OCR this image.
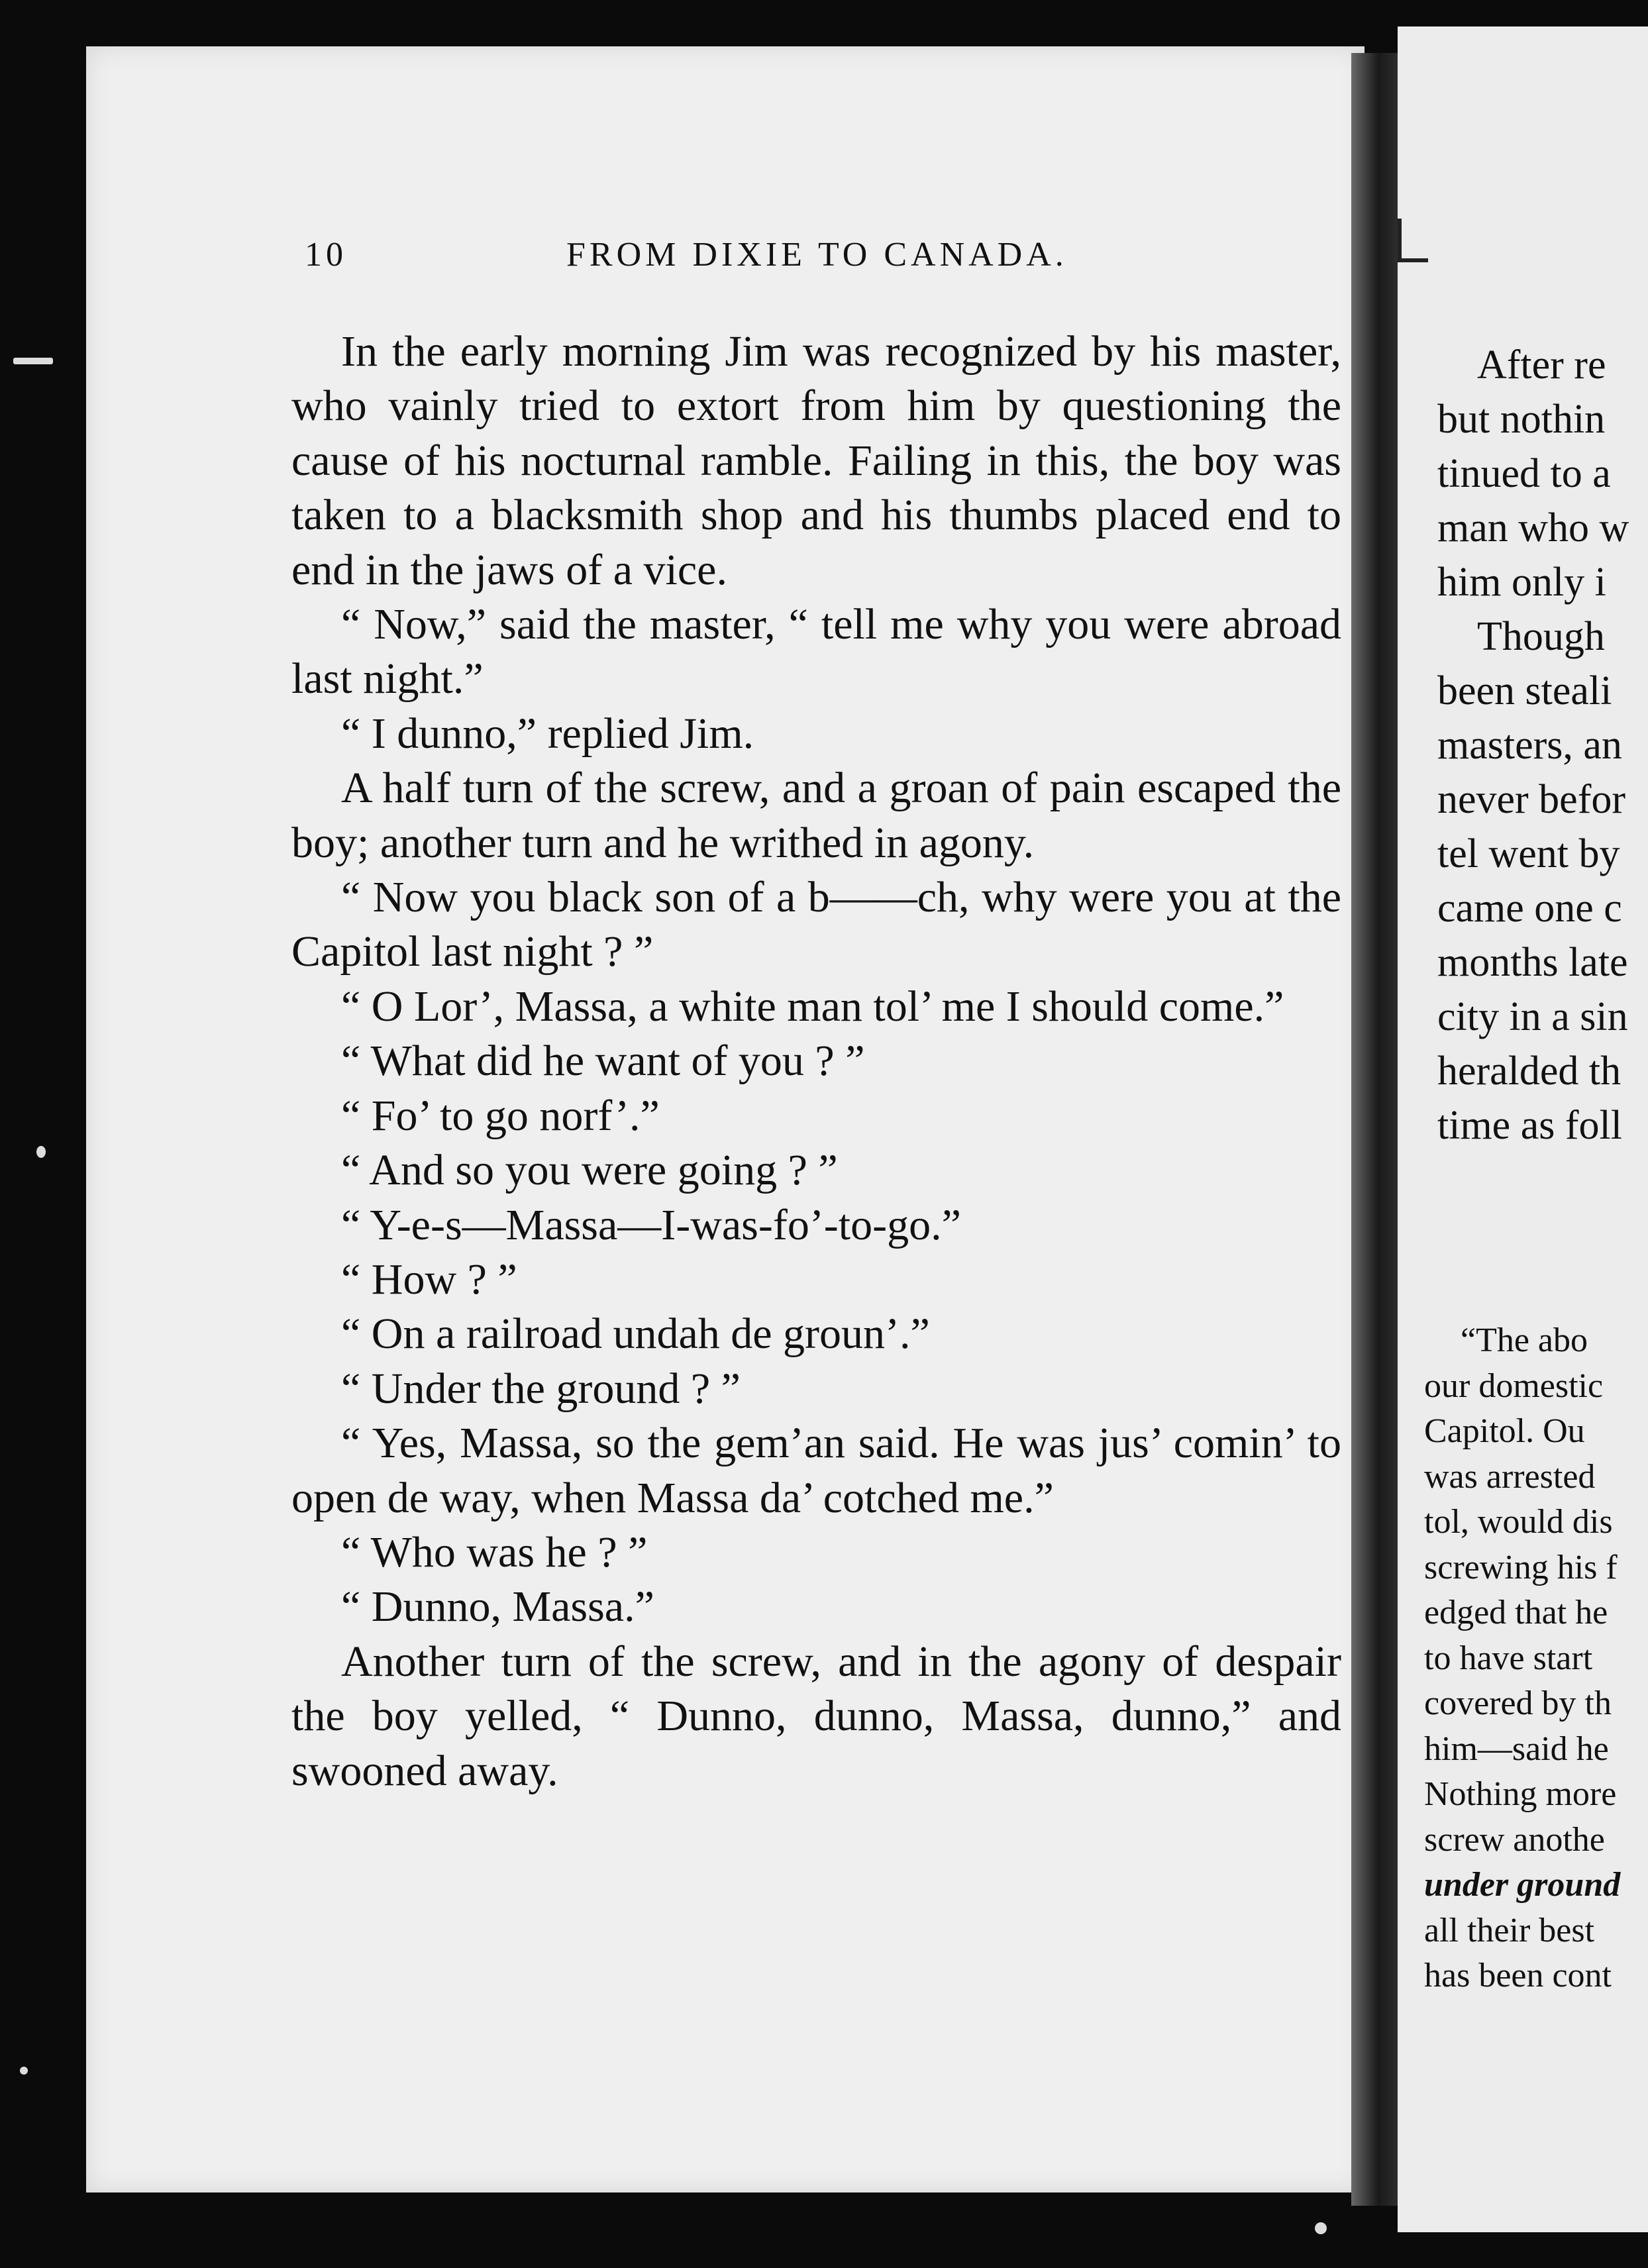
After re
but nothin
tinued to a
man who w
him only i
Though
been steali
masters, an
never befor
tel went by
came one c
months late
city in a sin
heralded th
time as foll
“The abo
our domestic
Capitol. Ou
was arrested
tol, would dis
screwing his f
edged that he
to have start
covered by th
him—said he
Nothing more
screw anothe
under ground
all their best
has been cont
10	FROM DIXIE TO CANADA.

In the early morning Jim was recognized by his master, who vainly tried to extort from him by questioning the cause of his nocturnal ramble. Failing in this, the boy was taken to a blacksmith shop and his thumbs placed end to end in the jaws of a vice.

“ Now,” said the master, “ tell me why you were abroad last night.”

“ I dunno,” replied Jim.

A half turn of the screw, and a groan of pain escaped the boy; another turn and he writhed in agony.

“ Now you black son of a b——ch, why were you at the Capitol last night ? ”

“ O Lor’, Massa, a white man tol’ me I should come.”

“ What did he want of you ? ”

“ Fo’ to go norf’.”

“ And so you were going ? ”

“ Y-e-s—Massa—I-was-fo’-to-go.”

“ How ? ”

“ On a railroad undah de groun’.”

“ Under the ground ? ”

“ Yes, Massa, so the gem’an said. He was jus’ comin’ to open de way, when Massa da’ cotched me.”

“ Who was he ? ”

“ Dunno, Massa.”

Another turn of the screw, and in the agony of despair the boy yelled, “ Dunno, dunno, Massa, dunno,” and swooned away.
